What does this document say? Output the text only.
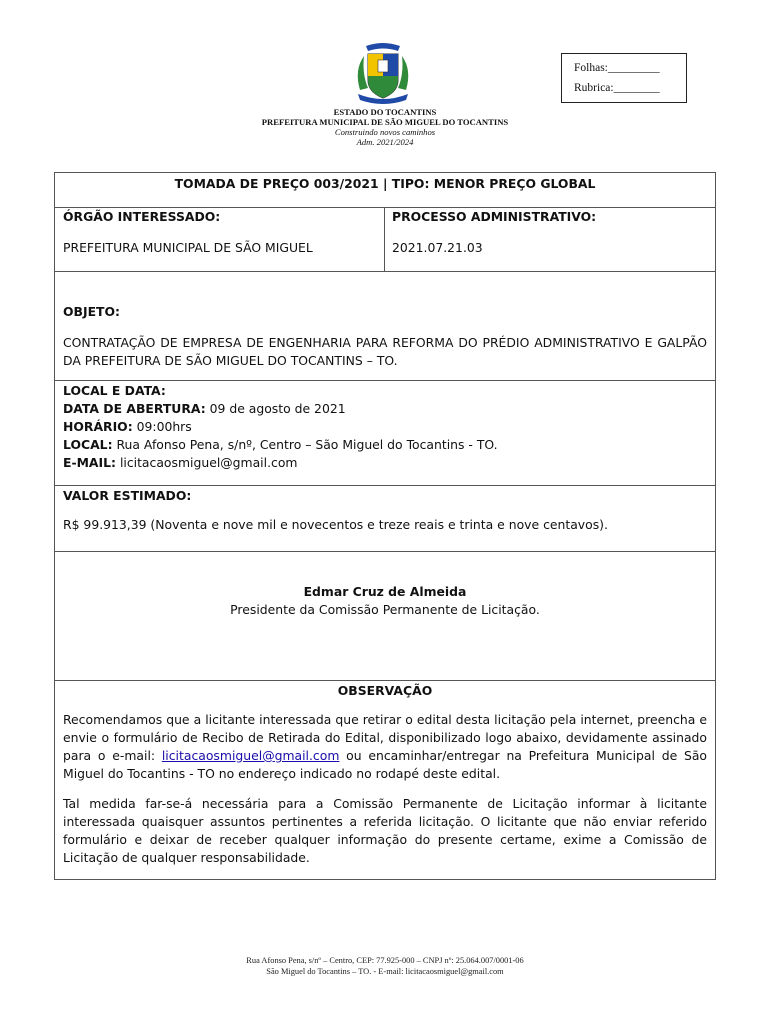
Folhas:_________
Rubrica:________
ESTADO DO TOCANTINS
PREFEITURA MUNICIPAL DE SÃO MIGUEL DO TOCANTINS
Construindo novos caminhos
Adm. 2021/2024
TOMADA DE PREÇO 003/2021 | TIPO: MENOR PREÇO GLOBAL
ÓRGÃO INTERESSADO:
PREFEITURA MUNICIPAL DE SÃO MIGUEL
PROCESSO ADMINISTRATIVO:
2021.07.21.03
OBJETO:
CONTRATAÇÃO DE EMPRESA DE ENGENHARIA PARA REFORMA DO PRÉDIO ADMINISTRATIVO E GALPÃO DA PREFEITURA DE SÃO MIGUEL DO TOCANTINS – TO.
LOCAL E DATA:
DATA DE ABERTURA: 09 de agosto de 2021
HORÁRIO: 09:00hrs
LOCAL: Rua Afonso Pena, s/nº, Centro – São Miguel do Tocantins - TO.
E-MAIL: licitacaosmiguel@gmail.com
VALOR ESTIMADO:
R$ 99.913,39 (Noventa e nove mil e novecentos e treze reais e trinta e nove centavos).
Edmar Cruz de Almeida
Presidente da Comissão Permanente de Licitação.
OBSERVAÇÃO
Recomendamos que a licitante interessada que retirar o edital desta licitação pela internet, preencha e envie o formulário de Recibo de Retirada do Edital, disponibilizado logo abaixo, devidamente assinado para o e-mail: licitacaosmiguel@gmail.com ou encaminhar/entregar na Prefeitura Municipal de São Miguel do Tocantins - TO no endereço indicado no rodapé deste edital.
Tal medida far-se-á necessária para a Comissão Permanente de Licitação informar à licitante interessada quaisquer assuntos pertinentes a referida licitação. O licitante que não enviar referido formulário e deixar de receber qualquer informação do presente certame, exime a Comissão de Licitação de qualquer responsabilidade.
Rua Afonso Pena, s/nº – Centro, CEP: 77.925-000 – CNPJ nº: 25.064.007/0001-06
São Miguel do Tocantins – TO. - E-mail: licitacaosmiguel@gmail.com
